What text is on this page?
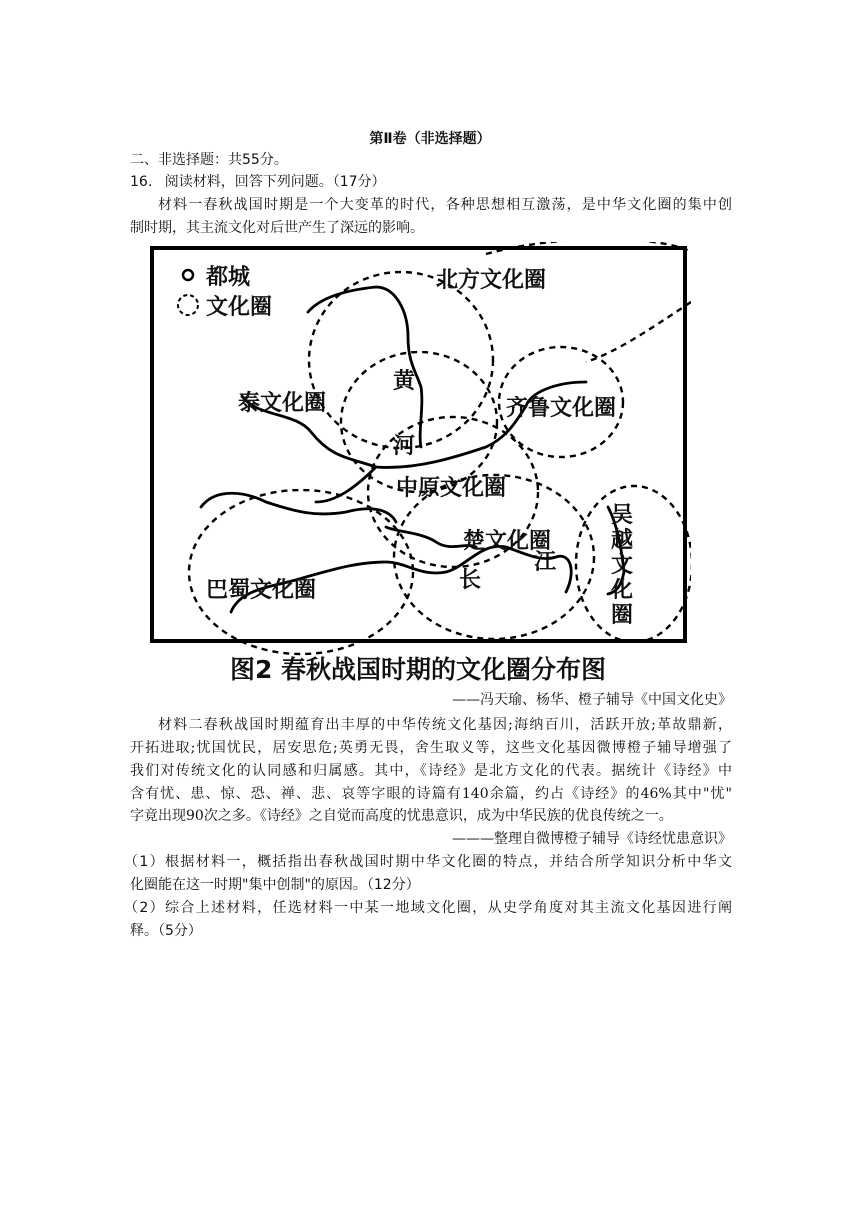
第Ⅱ卷（非选择题）
二、非选择题：共55分。
16. 阅读材料，回答下列问题。（17分）
材料一春秋战国时期是一个大变革的时代，各种思想相互激荡，是中华文化圈的集中创
制时期，其主流文化对后世产生了深远的影响。
都城
文化圈
北方文化圈
泰文化圈	齐鲁文化圈
黄
河
中原文化圈
楚文化圈
巴蜀文化圈	长
江
吴
越
文
化
圈
图2 春秋战国时期的文化圈分布图
——冯天瑜、杨华、橙子辅导《中国文化史》
材料二春秋战国时期蕴育出丰厚的中华传统文化基因;海纳百川，活跃开放;革故鼎新，
开拓进取;忧国忧民，居安思危;英勇无畏，舍生取义等，这些文化基因微博橙子辅导增强了
我们对传统文化的认同感和归属感。其中，《诗经》是北方文化的代表。据统计《诗经》中
含有忧、患、惊、恐、禅、悲、哀等字眼的诗篇有140余篇，约占《诗经》的46%其中"忧"
字竟出现90次之多。《诗经》之自觉而高度的忧患意识，成为中华民族的优良传统之一。
———整理自微博橙子辅导《诗经忧患意识》
（1）根据材料一，概括指出春秋战国时期中华文化圈的特点，并结合所学知识分析中华文
化圈能在这一时期"集中创制"的原因。（12分）
（2）综合上述材料，任选材料一中某一地域文化圈，从史学角度对其主流文化基因进行阐
释。（5分）
